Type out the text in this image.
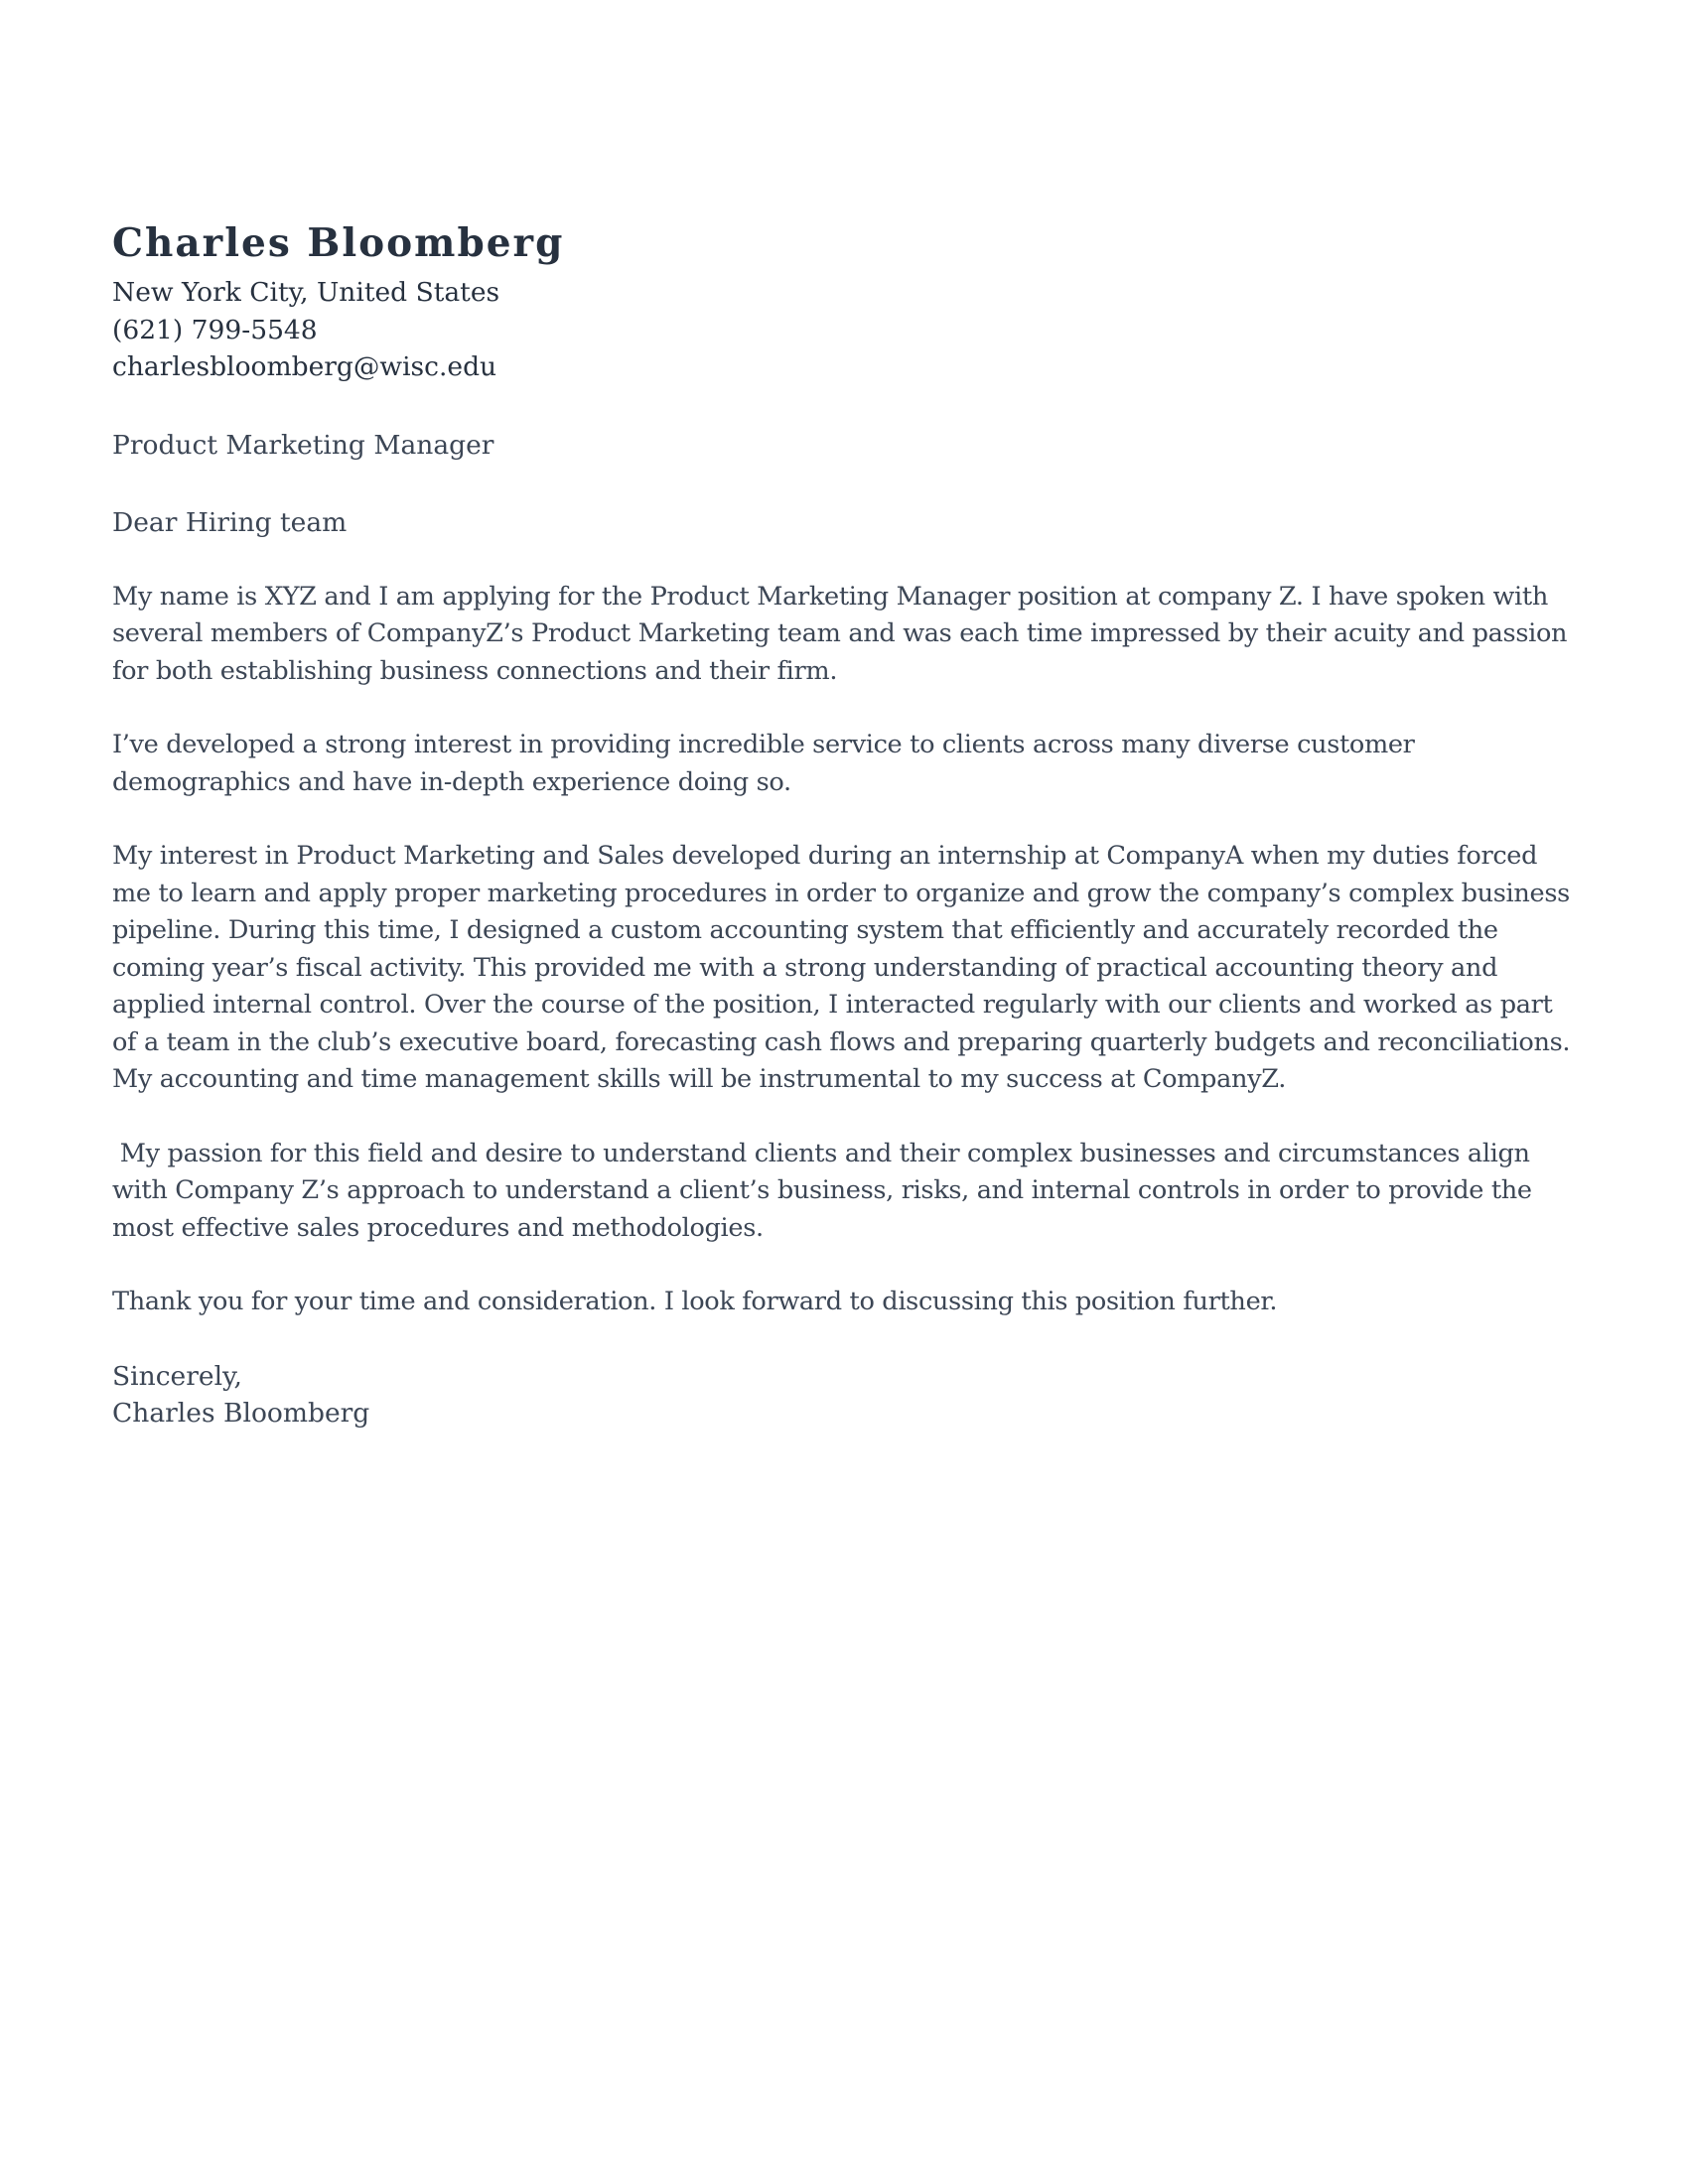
Charles Bloomberg
New York City, United States
(621) 799-5548
charlesbloomberg@wisc.edu
Product Marketing Manager
Dear Hiring team
My name is XYZ and I am applying for the Product Marketing Manager position at company Z. I have spoken with several members of CompanyZ’s Product Marketing team and was each time impressed by their acuity and passion for both establishing business connections and their firm.
I’ve developed a strong interest in providing incredible service to clients across many diverse customer demographics and have in-depth experience doing so.
My interest in Product Marketing and Sales developed during an internship at CompanyA when my duties forced me to learn and apply proper marketing procedures in order to organize and grow the company’s complex business pipeline. During this time, I designed a custom accounting system that efficiently and accurately recorded the coming year’s fiscal activity. This provided me with a strong understanding of practical accounting theory and applied internal control. Over the course of the position, I interacted regularly with our clients and worked as part of a team in the club’s executive board, forecasting cash flows and preparing quarterly budgets and reconciliations. My accounting and time management skills will be instrumental to my success at CompanyZ.
My passion for this field and desire to understand clients and their complex businesses and circumstances align with Company Z’s approach to understand a client’s business, risks, and internal controls in order to provide the most effective sales procedures and methodologies.
Thank you for your time and consideration. I look forward to discussing this position further.
Sincerely,
Charles Bloomberg
